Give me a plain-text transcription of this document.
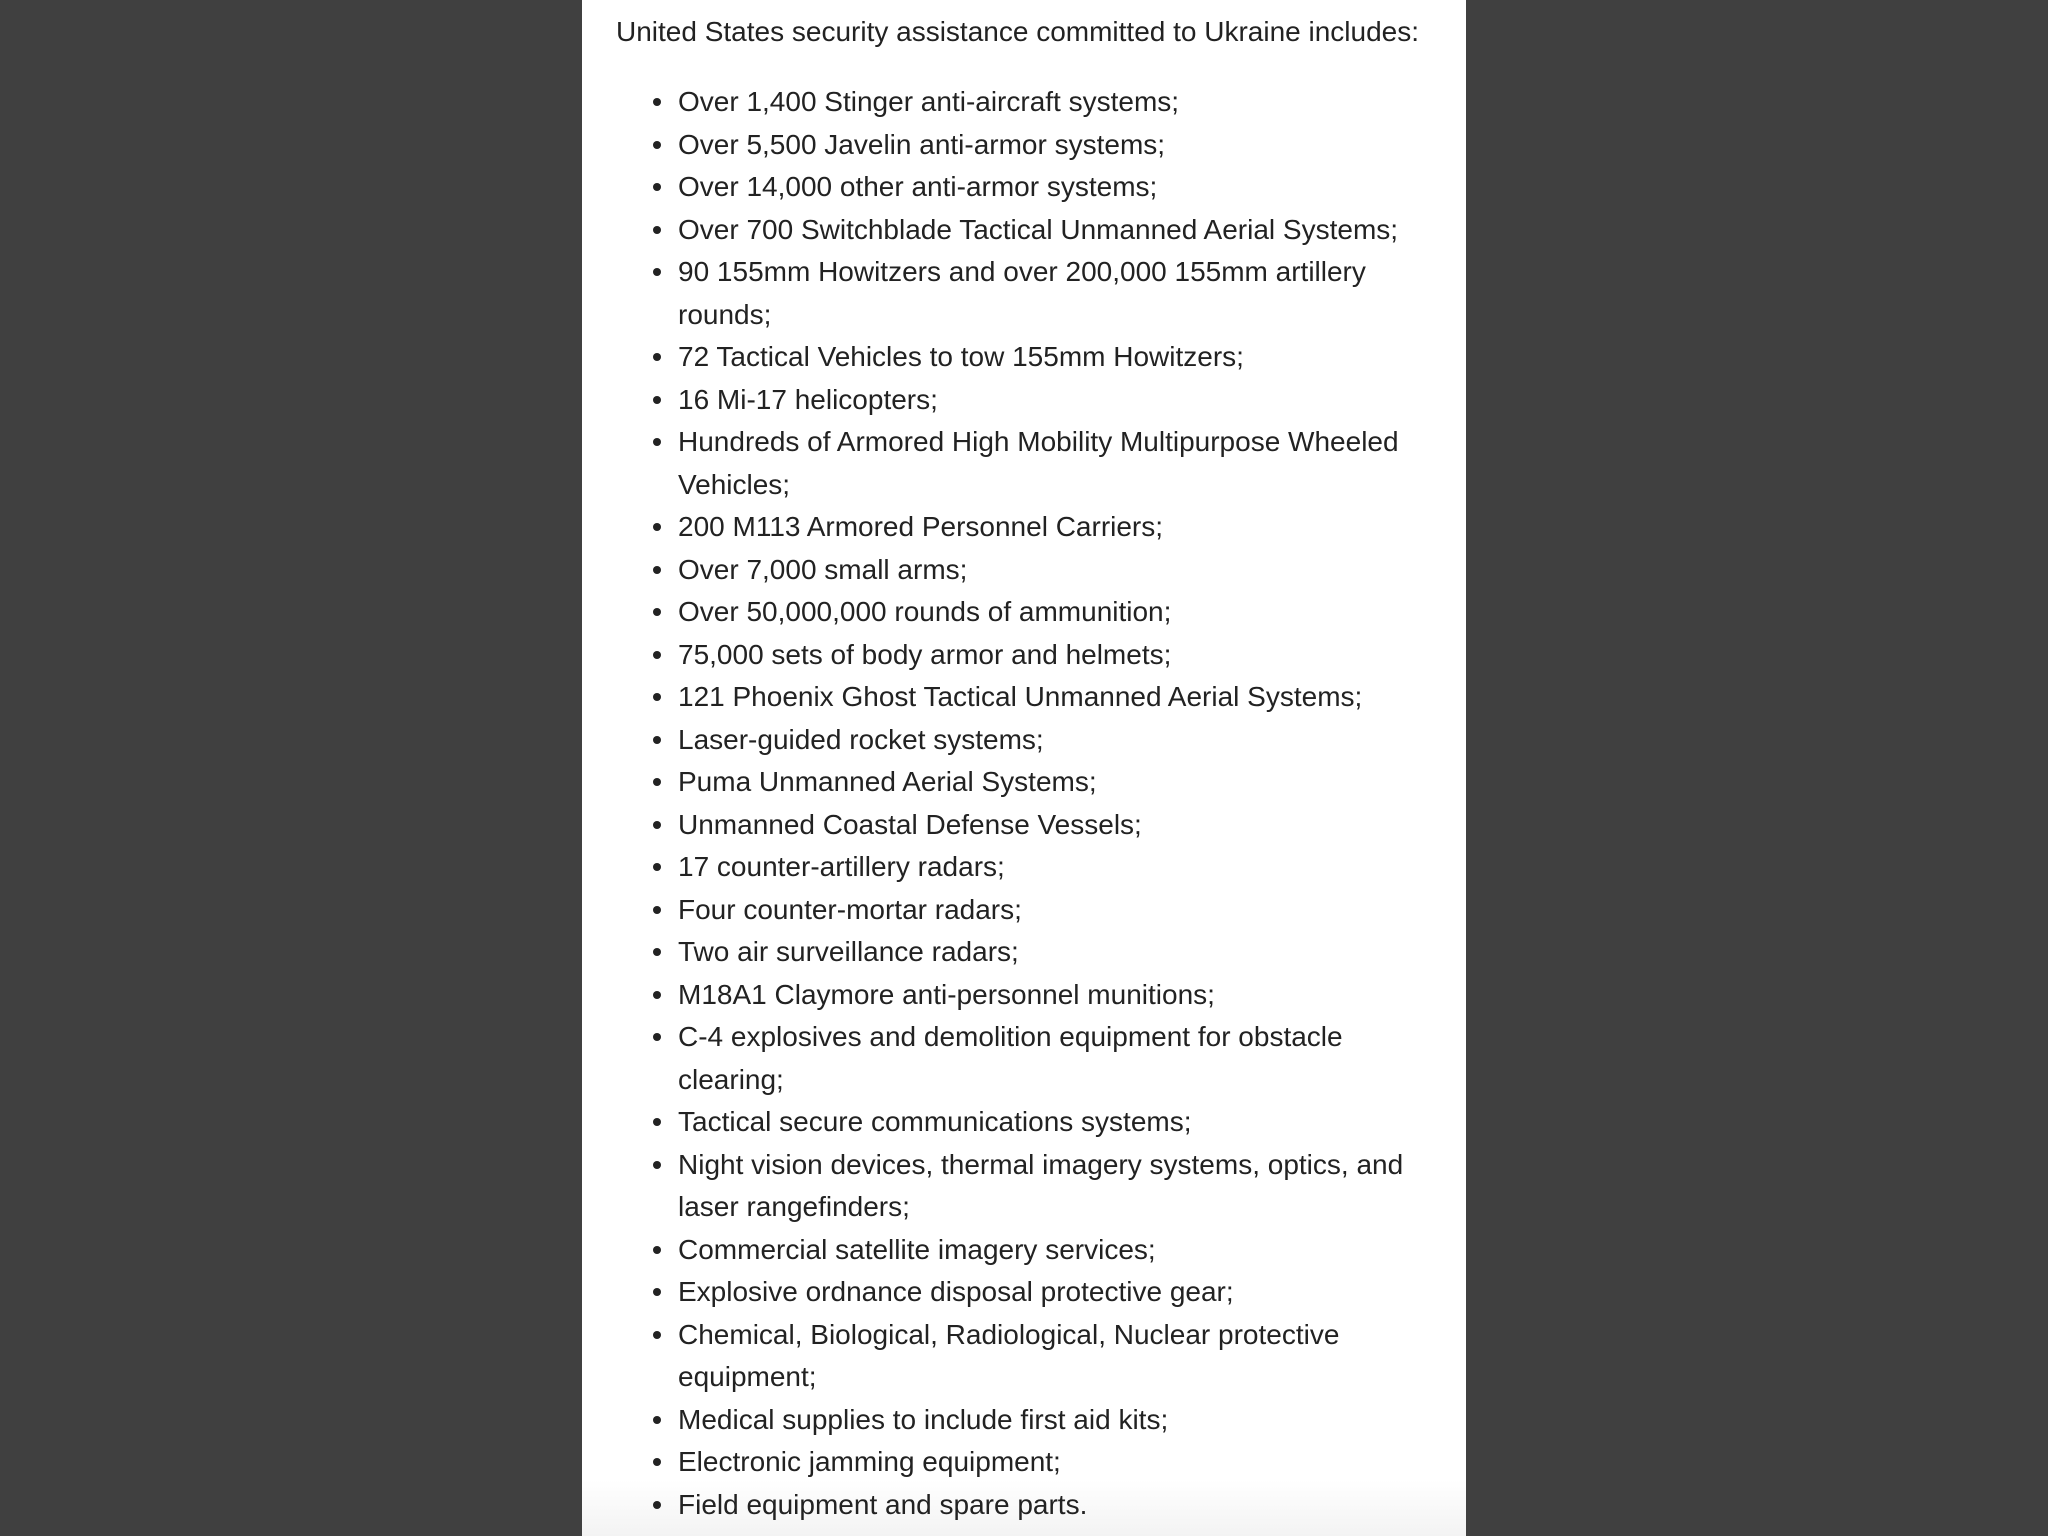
United States security assistance committed to Ukraine includes:

Over 1,400 Stinger anti-aircraft systems;
Over 5,500 Javelin anti-armor systems;
Over 14,000 other anti-armor systems;
Over 700 Switchblade Tactical Unmanned Aerial Systems;
90 155mm Howitzers and over 200,000 155mm artillery rounds;
72 Tactical Vehicles to tow 155mm Howitzers;
16 Mi-17 helicopters;
Hundreds of Armored High Mobility Multipurpose Wheeled Vehicles;
200 M113 Armored Personnel Carriers;
Over 7,000 small arms;
Over 50,000,000 rounds of ammunition;
75,000 sets of body armor and helmets;
121 Phoenix Ghost Tactical Unmanned Aerial Systems;
Laser-guided rocket systems;
Puma Unmanned Aerial Systems;
Unmanned Coastal Defense Vessels;
17 counter-artillery radars;
Four counter-mortar radars;
Two air surveillance radars;
M18A1 Claymore anti-personnel munitions;
C-4 explosives and demolition equipment for obstacle clearing;
Tactical secure communications systems;
Night vision devices, thermal imagery systems, optics, and laser rangefinders;
Commercial satellite imagery services;
Explosive ordnance disposal protective gear;
Chemical, Biological, Radiological, Nuclear protective equipment;
Medical supplies to include first aid kits;
Electronic jamming equipment;
Field equipment and spare parts.
